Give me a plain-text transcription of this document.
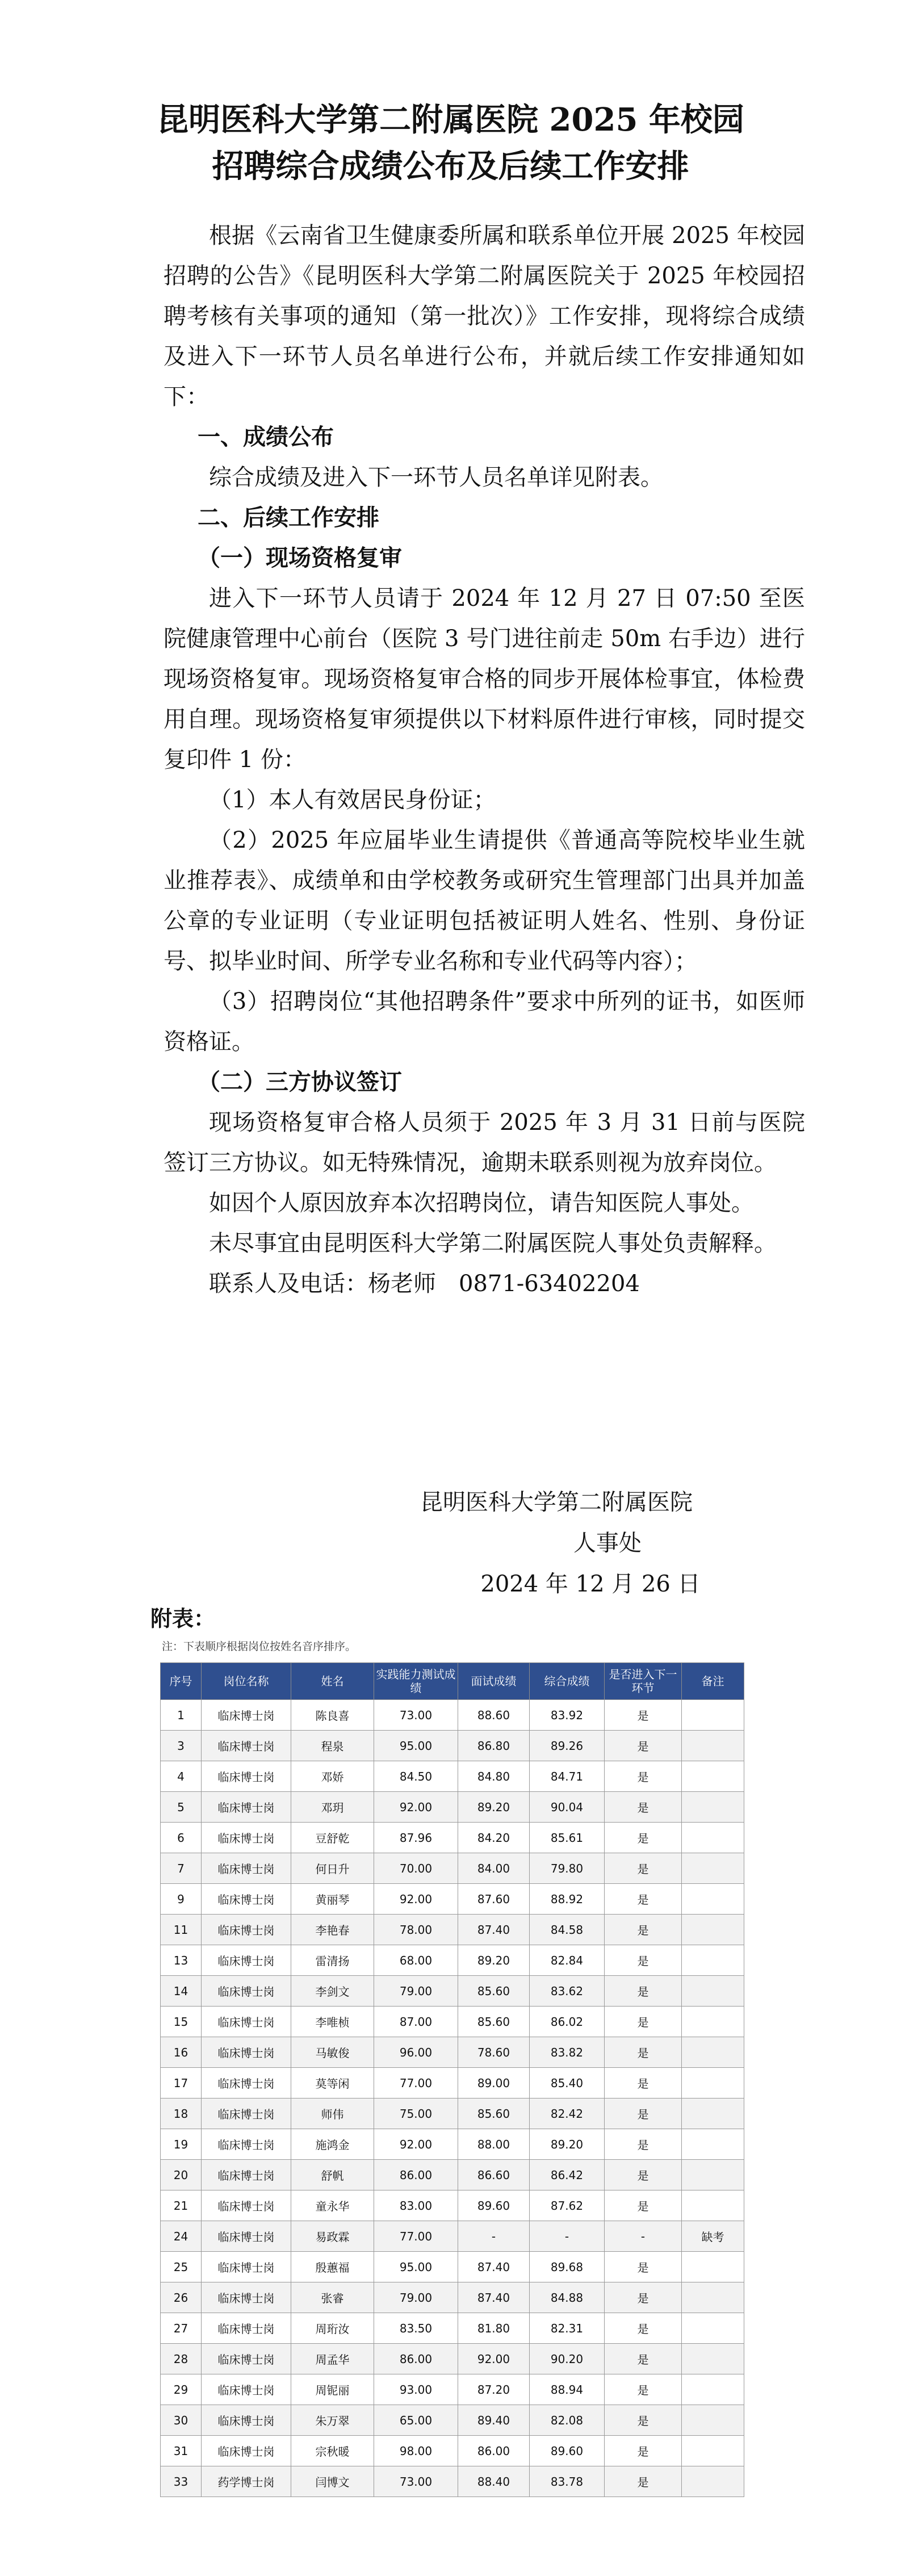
昆明医科大学第二附属医院 2025 年校园
招聘综合成绩公布及后续工作安排

根据《云南省卫生健康委所属和联系单位开展 2025 年校园招聘的公告》《昆明医科大学第二附属医院关于 2025 年校园招聘考核有关事项的通知（第一批次）》工作安排，现将综合成绩及进入下一环节人员名单进行公布，并就后续工作安排通知如下：

一、成绩公布

综合成绩及进入下一环节人员名单详见附表。

二、后续工作安排

（一）现场资格复审

进入下一环节人员请于 2024 年 12 月 27 日 07:50 至医院健康管理中心前台（医院 3 号门进往前走 50m 右手边）进行现场资格复审。现场资格复审合格的同步开展体检事宜，体检费用自理。现场资格复审须提供以下材料原件进行审核，同时提交复印件 1 份：

（1）本人有效居民身份证；

（2）2025 年应届毕业生请提供《普通高等院校毕业生就业推荐表》、成绩单和由学校教务或研究生管理部门出具并加盖公章的专业证明（专业证明包括被证明人姓名、性别、身份证号、拟毕业时间、所学专业名称和专业代码等内容）；

（3）招聘岗位“其他招聘条件”要求中所列的证书，如医师资格证。

（二）三方协议签订

现场资格复审合格人员须于 2025 年 3 月 31 日前与医院签订三方协议。如无特殊情况，逾期未联系则视为放弃岗位。

如因个人原因放弃本次招聘岗位，请告知医院人事处。

未尽事宜由昆明医科大学第二附属医院人事处负责解释。

联系人及电话：杨老师　0871-63402204

昆明医科大学第二附属医院
人事处
2024 年 12 月 26 日
附表：
注：下表顺序根据岗位按姓名音序排序。
序号	岗位名称	姓名	实践能力测试成绩	面试成绩	综合成绩	是否进入下一环节	备注
1	临床博士岗	陈良喜	73.00	88.60	83.92	是	
3	临床博士岗	程泉	95.00	86.80	89.26	是	
4	临床博士岗	邓娇	84.50	84.80	84.71	是	
5	临床博士岗	邓玥	92.00	89.20	90.04	是	
6	临床博士岗	豆舒乾	87.96	84.20	85.61	是	
7	临床博士岗	何日升	70.00	84.00	79.80	是	
9	临床博士岗	黄丽琴	92.00	87.60	88.92	是	
11	临床博士岗	李艳春	78.00	87.40	84.58	是	
13	临床博士岗	雷清扬	68.00	89.20	82.84	是	
14	临床博士岗	李剑文	79.00	85.60	83.62	是	
15	临床博士岗	李唯桢	87.00	85.60	86.02	是	
16	临床博士岗	马敏俊	96.00	78.60	83.82	是	
17	临床博士岗	莫等闲	77.00	89.00	85.40	是	
18	临床博士岗	师伟	75.00	85.60	82.42	是	
19	临床博士岗	施鸿金	92.00	88.00	89.20	是	
20	临床博士岗	舒帆	86.00	86.60	86.42	是	
21	临床博士岗	童永华	83.00	89.60	87.62	是	
24	临床博士岗	易政霖	77.00	-	-	-	缺考
25	临床博士岗	殷蕙福	95.00	87.40	89.68	是	
26	临床博士岗	张睿	79.00	87.40	84.88	是	
27	临床博士岗	周珩汝	83.50	81.80	82.31	是	
28	临床博士岗	周孟华	86.00	92.00	90.20	是	
29	临床博士岗	周铌丽	93.00	87.20	88.94	是	
30	临床博士岗	朱万翠	65.00	89.40	82.08	是	
31	临床博士岗	宗秋暖	98.00	86.00	89.60	是	
33	药学博士岗	闫博文	73.00	88.40	83.78	是	
